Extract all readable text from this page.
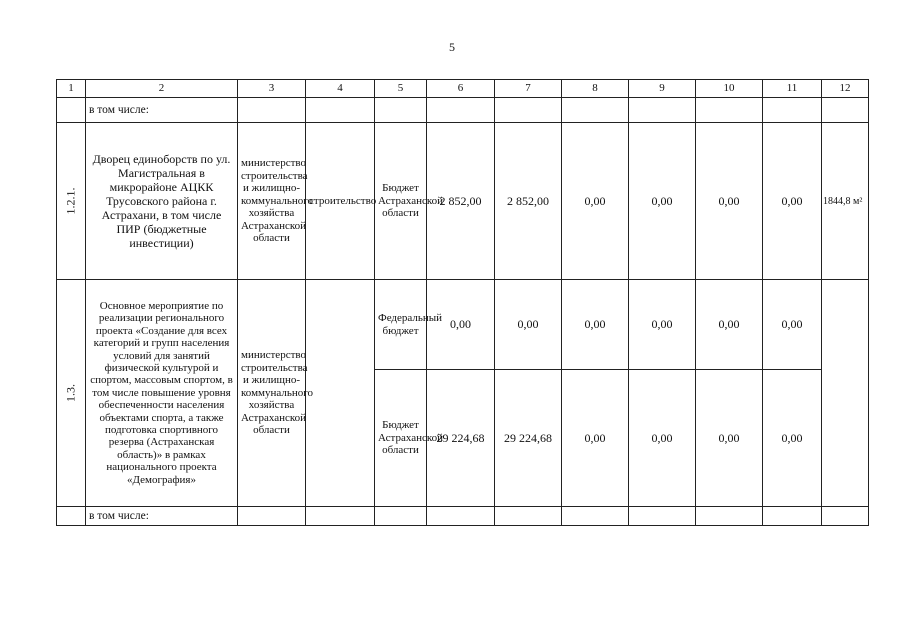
5
1	2	3	4	5	6	7	8	9	10	11	12
	в том числе:										

1.2.1.	Дворец единоборств по ул. Магистральная в микрорайоне АЦКК Трусовского района г. Астрахани, в том числе ПИР (бюджетные инвестиции)	министерство строительства и жилищно-коммунального хозяйства Астраханской области	строительство	Бюджет Астраханской области	2 852,00	2 852,00	0,00	0,00	0,00	0,00	1844,8 м²

1.3.	Основное мероприятие по реализации регионального проекта «Создание для всех категорий и групп населения условий для занятий физической культурой и спортом, массовым спортом, в том числе повышение уровня обеспеченности населения объектами спорта, а также подготовка спортивного резерва (Астраханская область)» в рамках национального проекта «Демография»	министерство строительства и жилищно-коммунального хозяйства Астраханской области		Федеральный бюджет	0,00	0,00	0,00	0,00	0,00	0,00	
				Бюджет Астраханской области	29 224,68	29 224,68	0,00	0,00	0,00	0,00	
	в том числе:										
